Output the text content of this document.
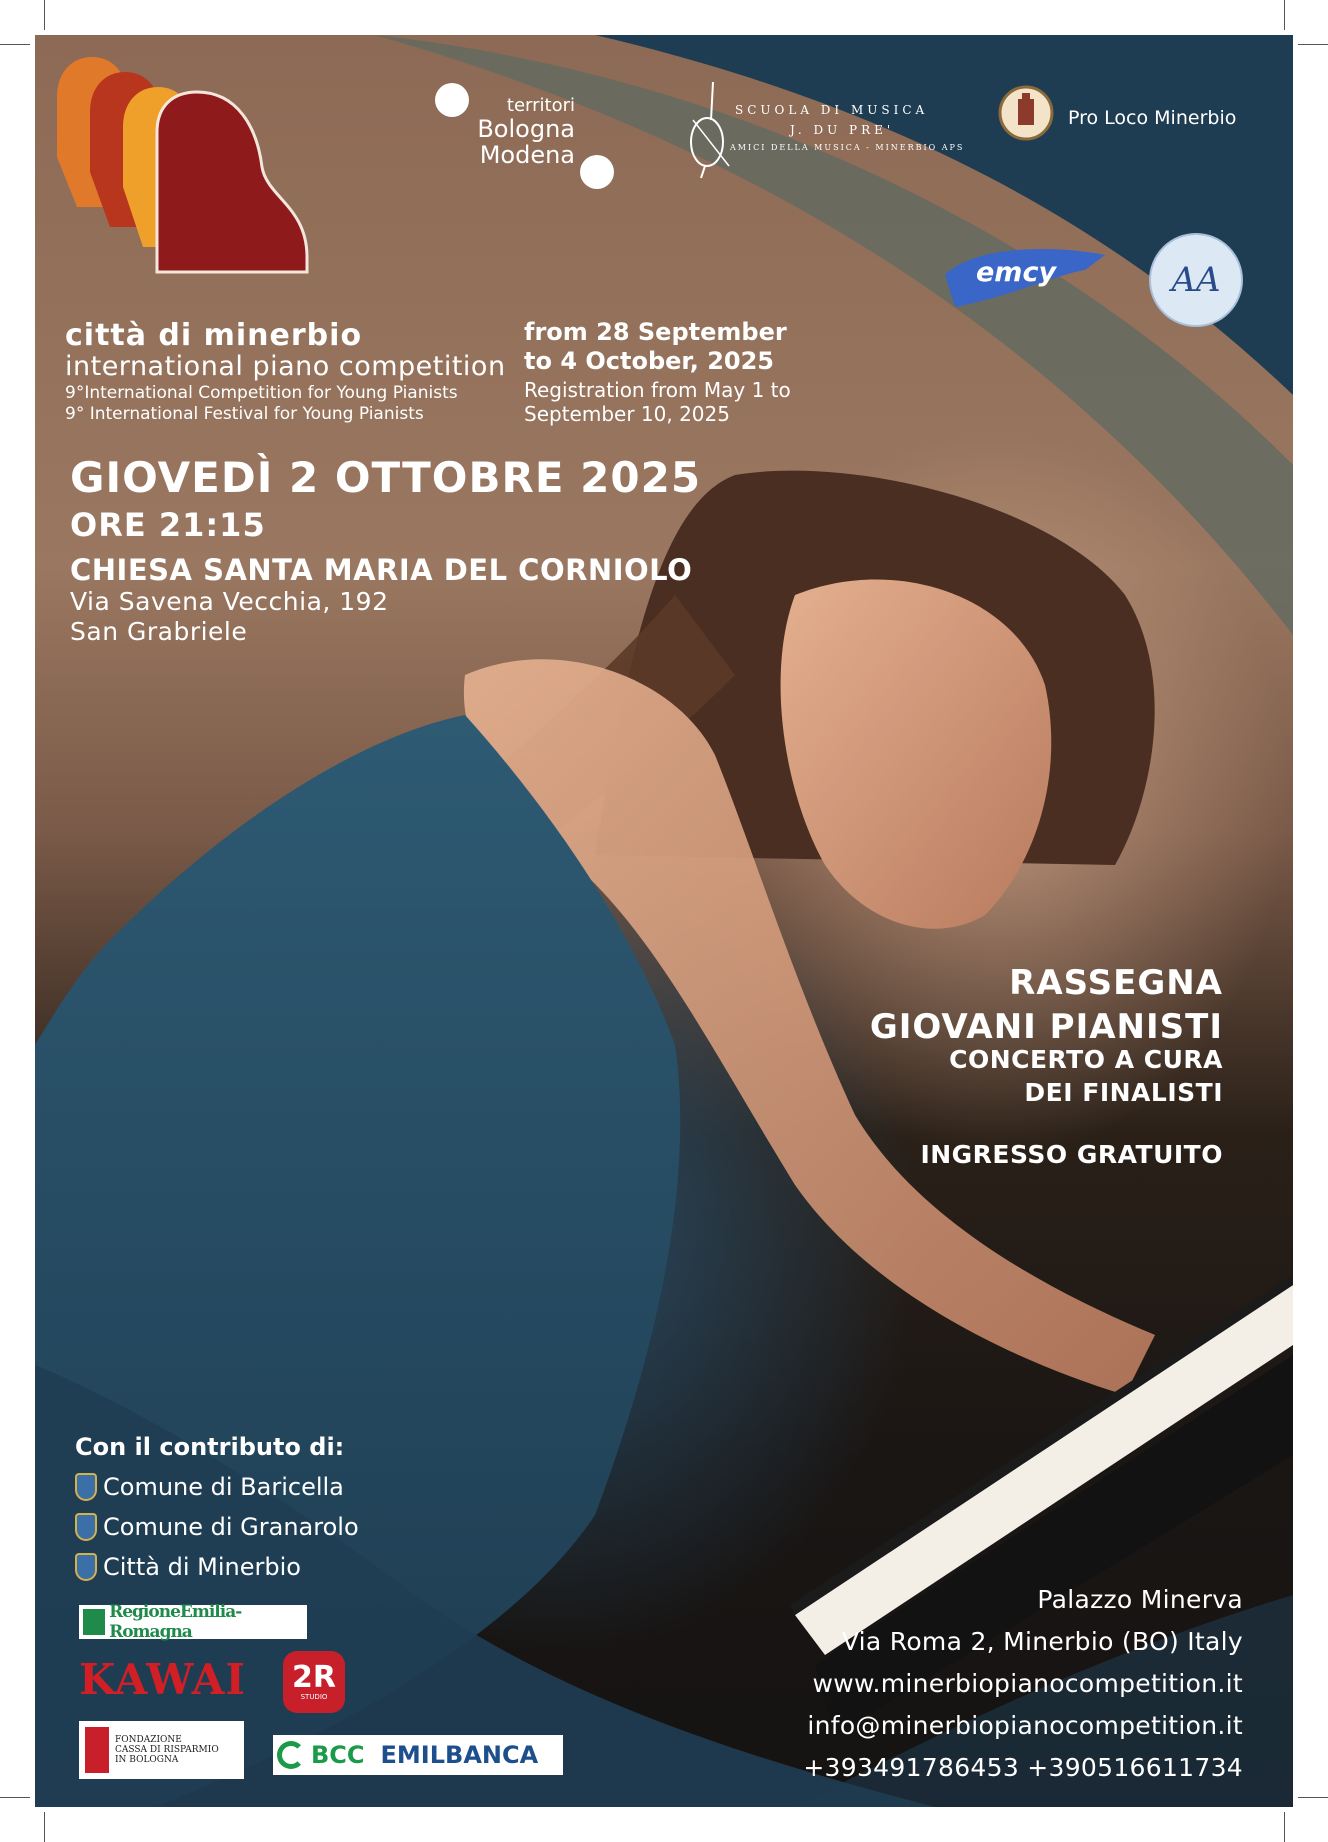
territori
Bologna
Modena
SCUOLA DI MUSICA
J. DU PRE'
AMICI DELLA MUSICA - MINERBIO APS
Pro Loco Minerbio
emcy	AA
città di minerbio
international piano competition
9°International Competition for Young Pianists
9° International Festival for Young Pianists
from 28 September
to 4 October, 2025
Registration from May 1 to
September 10, 2025
GIOVEDÌ 2 OTTOBRE 2025
ORE 21:15
CHIESA SANTA MARIA DEL CORNIOLO
Via Savena Vecchia, 192
San Grabriele
RASSEGNA
GIOVANI PIANISTI
CONCERTO A CURA
DEI FINALISTI
INGRESSO GRATUITO
Con il contributo di:
Comune di Baricella
Comune di Granarolo
Città di Minerbio
RegioneEmilia-Romagna
KAWAI 2R
STUDIO
FONDAZIONE
CASSA DI RISPARMIO
IN BOLOGNA	BCC EMILBANCA
Palazzo Minerva
Via Roma 2, Minerbio (BO) Italy
www.minerbiopianocompetition.it
info@minerbiopianocompetition.it
+393491786453 +390516611734
